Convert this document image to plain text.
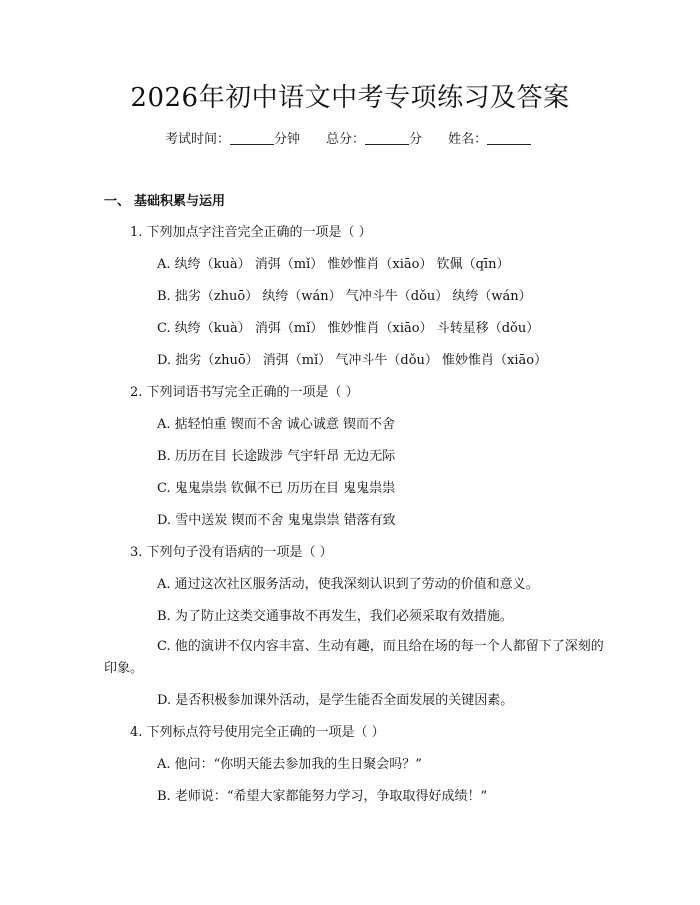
2026年初中语文中考专项练习及答案
考试时间：	分钟 总分：	分 姓名：
一、 基础积累与运用
1. 下列加点字注音完全正确的一项是（ ）
A. 纨绔（kuà） 消弭（mǐ） 惟妙惟肖（xiāo） 钦佩（qīn）
B. 拙劣（zhuō） 纨绔（wán） 气冲斗牛（dǒu） 纨绔（wán）
C. 纨绔（kuà） 消弭（mǐ） 惟妙惟肖（xiāo） 斗转星移（dǒu）
D. 拙劣（zhuō） 消弭（mǐ） 气冲斗牛（dǒu） 惟妙惟肖（xiāo）
2. 下列词语书写完全正确的一项是（ ）
A. 掂轻怕重 锲而不舍 诚心诚意 锲而不舍
B. 历历在目 长途跋涉 气宇轩昂 无边无际
C. 鬼鬼祟祟 钦佩不已 历历在目 鬼鬼祟祟
D. 雪中送炭 锲而不舍 鬼鬼祟祟 错落有致
3. 下列句子没有语病的一项是（ ）
A. 通过这次社区服务活动，使我深刻认识到了劳动的价值和意义。
B. 为了防止这类交通事故不再发生，我们必须采取有效措施。
C. 他的演讲不仅内容丰富、生动有趣，而且给在场的每一个人都留下了深刻的印象。
D. 是否积极参加课外活动，是学生能否全面发展的关键因素。
4. 下列标点符号使用完全正确的一项是（ ）
A. 他问：“你明天能去参加我的生日聚会吗？”
B. 老师说：“希望大家都能努力学习，争取取得好成绩！”
